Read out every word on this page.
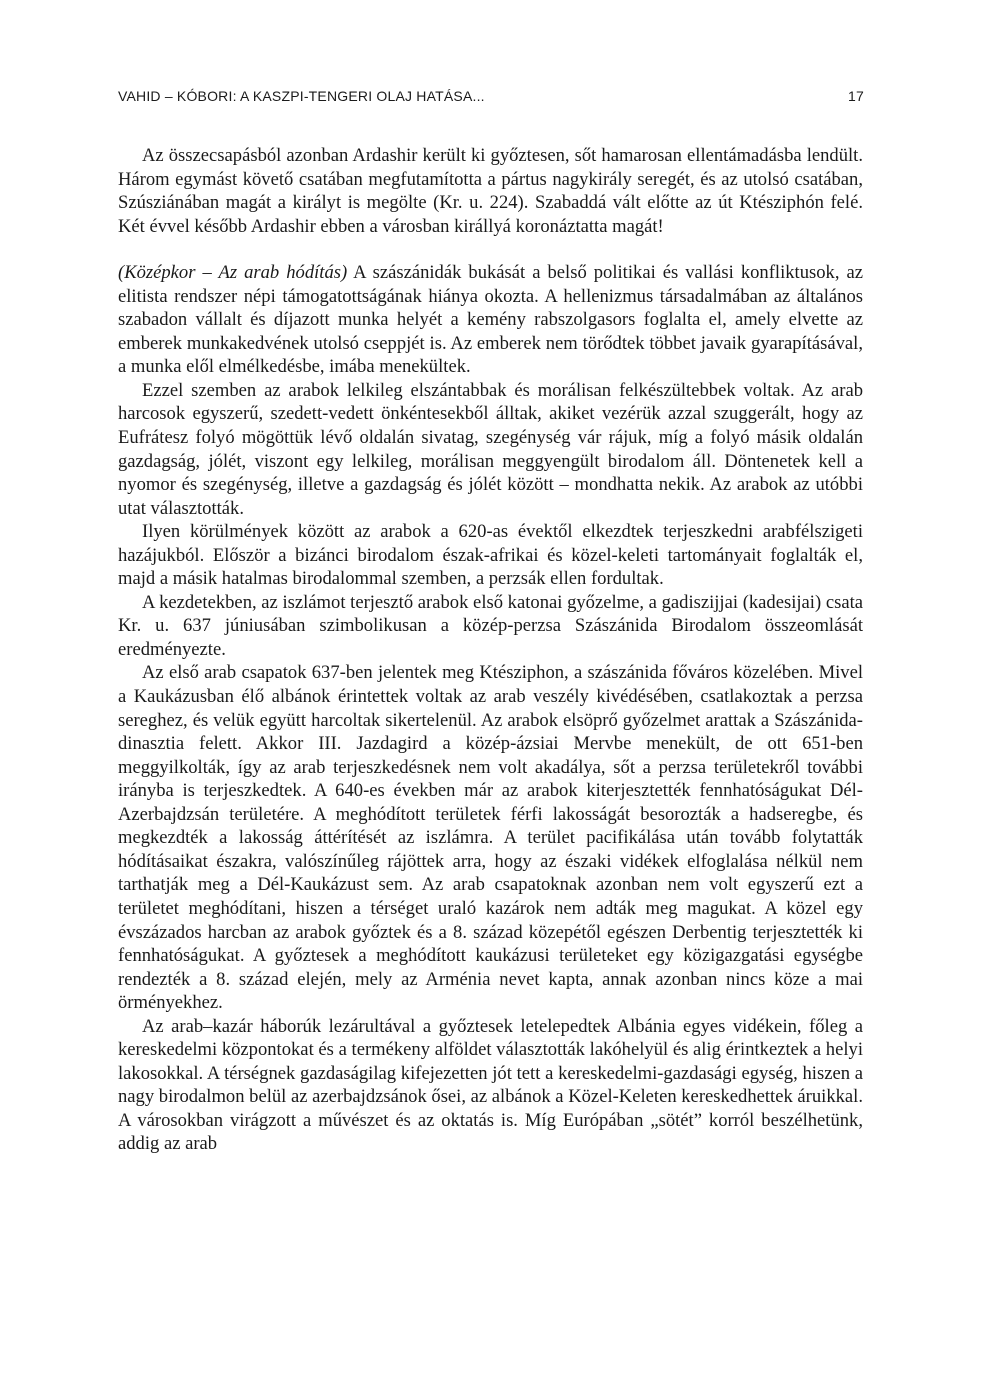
VAHID – KÓBORI: A KASZPI-TENGERI OLAJ HATÁSA...	17

Az összecsapásból azonban Ardashir került ki győztesen, sőt hamarosan ellentámadásba lendült. Három egymást követő csatában megfutamította a pártus nagykirály seregét, és az utolsó csatában, Szúsziánában magát a királyt is megölte (Kr. u. 224). Szabaddá vált előtte az út Ktésziphón felé. Két évvel később Ardashir ebben a városban királlyá koronáztatta magát!

(Középkor – Az arab hódítás) A szászánidák bukását a belső politikai és vallási konfliktusok, az elitista rendszer népi támogatottságának hiánya okozta. A hellenizmus társadalmában az általános szabadon vállalt és díjazott munka helyét a kemény rabszolgasors foglalta el, amely elvette az emberek munkakedvének utolsó cseppjét is. Az emberek nem törődtek többet javaik gyarapításával, a munka elől elmélkedésbe, imába menekültek.

Ezzel szemben az arabok lelkileg elszántabbak és morálisan felkészültebbek voltak. Az arab harcosok egyszerű, szedett-vedett önkéntesekből álltak, akiket vezérük azzal szuggerált, hogy az Eufrátesz folyó mögöttük lévő oldalán sivatag, szegénység vár rájuk, míg a folyó másik oldalán gazdagság, jólét, viszont egy lelkileg, morálisan meggyengült birodalom áll. Döntenetek kell a nyomor és szegénység, illetve a gazdagság és jólét között – mondhatta nekik. Az arabok az utóbbi utat választották.

Ilyen körülmények között az arabok a 620-as évektől elkezdtek terjeszkedni arabfélszigeti hazájukból. Először a bizánci birodalom észak-afrikai és közel-keleti tartományait foglalták el, majd a másik hatalmas birodalommal szemben, a perzsák ellen fordultak.

A kezdetekben, az iszlámot terjesztő arabok első katonai győzelme, a gadiszijjai (kadesijai) csata Kr. u. 637 júniusában szimbolikusan a közép-perzsa Szászánida Birodalom összeomlását eredményezte.

Az első arab csapatok 637-ben jelentek meg Ktésziphon, a szászánida főváros közelében. Mivel a Kaukázusban élő albánok érintettek voltak az arab veszély kivédésében, csatlakoztak a perzsa sereghez, és velük együtt harcoltak sikertelenül. Az arabok elsöprő győzelmet arattak a Szászánida-dinasztia felett. Akkor III. Jazdagird a közép-ázsiai Mervbe menekült, de ott 651-ben meggyilkolták, így az arab terjeszkedésnek nem volt akadálya, sőt a perzsa területekről további irányba is terjeszkedtek. A 640-es években már az arabok kiterjesztették fennhatóságukat Dél-Azerbajdzsán területére. A meghódított területek férfi lakosságát besorozták a hadseregbe, és megkezdték a lakosság áttérítését az iszlámra. A terület pacifikálása után tovább folytatták hódításaikat északra, valószínűleg rájöttek arra, hogy az északi vidékek elfoglalása nélkül nem tarthatják meg a Dél-Kaukázust sem. Az arab csapatoknak azonban nem volt egyszerű ezt a területet meghódítani, hiszen a térséget uraló kazárok nem adták meg magukat. A közel egy évszázados harcban az arabok győztek és a 8. század közepétől egészen Derbentig terjesztették ki fennhatóságukat. A győztesek a meghódított kaukázusi területeket egy közigazgatási egységbe rendezték a 8. század elején, mely az Arménia nevet kapta, annak azonban nincs köze a mai örményekhez.

Az arab–kazár háborúk lezárultával a győztesek letelepedtek Albánia egyes vidékein, főleg a kereskedelmi központokat és a termékeny alföldet választották lakóhelyül és alig érintkeztek a helyi lakosokkal. A térségnek gazdaságilag kifejezetten jót tett a kereskedelmi-gazdasági egység, hiszen a nagy birodalmon belül az azerbajdzsánok ősei, az albánok a Közel-Keleten kereskedhettek áruikkal. A városokban virágzott a művészet és az oktatás is. Míg Európában „sötét” korról beszélhetünk, addig az arab
